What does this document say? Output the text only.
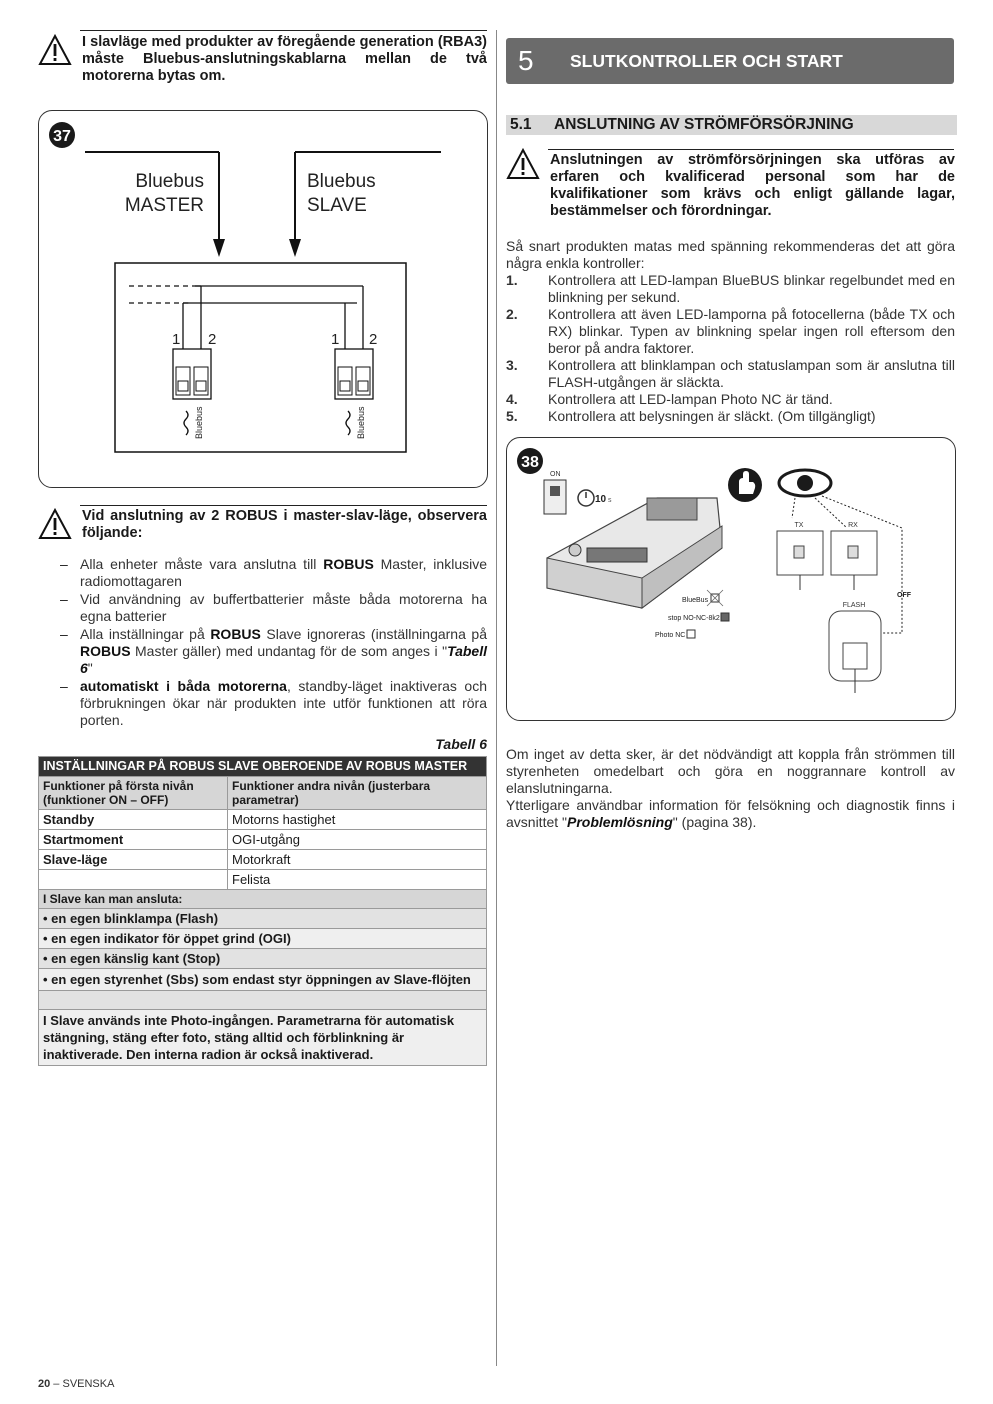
I slavläge med produkter av föregående generation (RBA3) måste Bluebus-anslutningskablarna mellan de två motorerna bytas om.
37
Bluebus
MASTER
Bluebus
SLAVE
1 2	1 2
Bluebus	Bluebus
Vid anslutning av 2 ROBUS i master-slav-läge, observera följande:
– Alla enheter måste vara anslutna till ROBUS Master, inklusive radiomottagaren
– Vid användning av buffertbatterier måste båda motorerna ha egna batterier
– Alla inställningar på ROBUS Slave ignoreras (inställningarna på ROBUS Master gäller) med undantag för de som anges i "Tabell 6"
– automatiskt i båda motorerna, standby-läget inaktiveras och förbrukningen ökar när produkten inte utför funktionen att röra porten.
Tabell 6
INSTÄLLNINGAR PÅ ROBUS SLAVE OBEROENDE AV ROBUS MASTER	
Funktioner på första nivån (funktioner ON – OFF)	Funktioner andra nivån (justerbara parametrar)
Standby	Motorns hastighet
Startmoment	OGI-utgång
Slave-läge	Motorkraft
	Felista
I Slave kan man ansluta:	
• en egen blinklampa (Flash)	
• en egen indikator för öppet grind (OGI)	
• en egen känslig kant (Stop)	
• en egen styrenhet (Sbs) som endast styr öppningen av Slave-flöjten	

I Slave används inte Photo-ingången. Parametrarna för automatisk stängning, stäng efter foto, stäng alltid och förblinkning är inaktiverade. Den interna radion är också inaktiverad.	
5	SLUTKONTROLLER OCH START
5.1	ANSLUTNING AV STRÖMFÖRSÖRJNING
Anslutningen av strömförsörjningen ska utföras av erfaren och kvalificerad personal som har de kvalifikationer som krävs och enligt gällande lagar, bestämmelser och förordningar.
Så snart produkten matas med spänning rekommenderas det att göra några enkla kontroller:
1.	Kontrollera att LED-lampan BlueBUS blinkar regelbundet med en blinkning per sekund.
2.	Kontrollera att även LED-lamporna på fotocellerna (både TX och RX) blinkar. Typen av blinkning spelar ingen roll eftersom den beror på andra faktorer.
3.	Kontrollera att blinklampan och statuslampan som är anslutna till FLASH-utgången är släckta.
4.	Kontrollera att LED-lampan Photo NC är tänd.
5.	Kontrollera att belysningen är släckt. (Om tillgängligt)
38
ON
10 s
BlueBus
stop NO-NC-8k2
Photo NC
TX	RX
OFF
FLASH
Om inget av detta sker, är det nödvändigt att koppla från strömmen till styrenheten omedelbart och göra en noggrannare kontroll av elanslutningarna.
Ytterligare användbar information för felsökning och diagnostik finns i avsnittet "Problemlösning" (pagina 38).
20 – SVENSKA
